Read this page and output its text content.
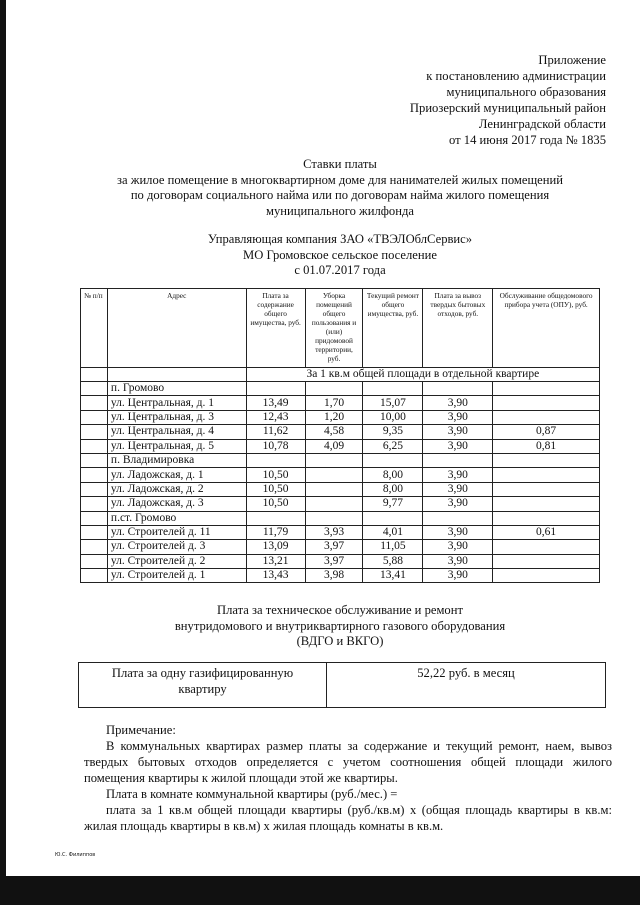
Приложение
к постановлению администрации
муниципального образования
Приозерский муниципальный район
Ленинградской области
от 14 июня 2017 года № 1835
Ставки платы
за жилое помещение в многоквартирном доме для нанимателей жилых помещений
по договорам социального найма или по договорам найма жилого помещения
муниципального жилфонда
Управляющая компания ЗАО «ТВЭЛОблСервис»
МО Громовское сельское поселение
с 01.07.2017 года
№ п/п	Адрес	Плата за содержание общего имущества, руб.	Уборка помещений общего пользования и (или) придомовой территории, руб.	Текущий ремонт общего имущества, руб.	Плата за вывоз твердых бытовых отходов, руб.	Обслуживание общедомового прибора учета (ОПУ), руб.
		За 1 кв.м общей площади в отдельной квартире				
	п. Громово					
	ул. Центральная, д. 1	13,49	1,70	15,07	3,90	
	ул. Центральная, д. 3	12,43	1,20	10,00	3,90	
	ул. Центральная, д. 4	11,62	4,58	9,35	3,90	0,87
	ул. Центральная, д. 5	10,78	4,09	6,25	3,90	0,81
	п. Владимировка					
	ул. Ладожская, д. 1	10,50		8,00	3,90	
	ул. Ладожская, д. 2	10,50		8,00	3,90	
	ул. Ладожская, д. 3	10,50		9,77	3,90	
	п.ст. Громово					
	ул. Строителей д. 11	11,79	3,93	4,01	3,90	0,61
	ул. Строителей д. 3	13,09	3,97	11,05	3,90	
	ул. Строителей д. 2	13,21	3,97	5,88	3,90	
	ул. Строителей д. 1	13,43	3,98	13,41	3,90	
Плата за техническое обслуживание и ремонт
внутридомового и внутриквартирного газового оборудования
(ВДГО и ВКГО)
Плата за одну газифицированную
квартиру
	52,22 руб. в месяц

Примечание:

В коммунальных квартирах размер платы за содержание и текущий ремонт, наем, вывоз твердых бытовых отходов определяется с учетом соотношения общей площади жилого помещения квартиры к жилой площади этой же квартиры.

Плата в комнате коммунальной квартиры (руб./мес.) =

плата за 1 кв.м общей площади квартиры (руб./кв.м) х (общая площадь квартиры в кв.м: жилая площадь квартиры в кв.м) х жилая площадь комнаты в кв.м.

Ю.С. Филиппов
